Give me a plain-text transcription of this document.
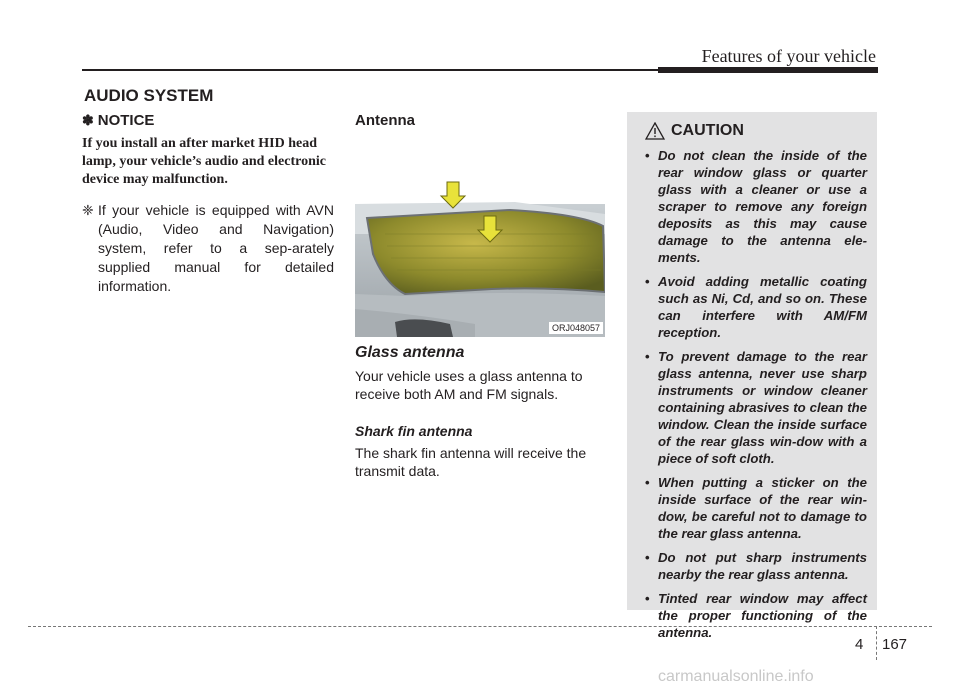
Features of your vehicle
AUDIO SYSTEM
✽ NOTICE
If you install an after market HID head lamp, your vehicle’s audio and electronic device may malfunction.
❈ If your vehicle is equipped with AVN (Audio, Video and Navigation) system, refer to a sep-arately supplied manual for detailed information.
Antenna
ORJ048057
Glass antenna
Your vehicle uses a glass antenna to receive both AM and FM signals.
Shark fin antenna
The shark fin antenna will receive the transmit data.
CAUTION
• Do not clean the inside of the rear window glass or quarter glass with a cleaner or use a scraper to remove any foreign deposits as this may cause damage to the antenna ele-ments.
• Avoid adding metallic coating such as Ni, Cd, and so on. These can interfere with AM/FM reception.
• To prevent damage to the rear glass antenna, never use sharp instruments or window cleaner containing abrasives to clean the window. Clean the inside surface of the rear glass win-dow with a piece of soft cloth.
• When putting a sticker on the inside surface of the rear win-dow, be careful not to damage to the rear glass antenna.
• Do not put sharp instruments nearby the rear glass antenna.
• Tinted rear window may affect the proper functioning of the antenna.
4 167
carmanualsonline.info
